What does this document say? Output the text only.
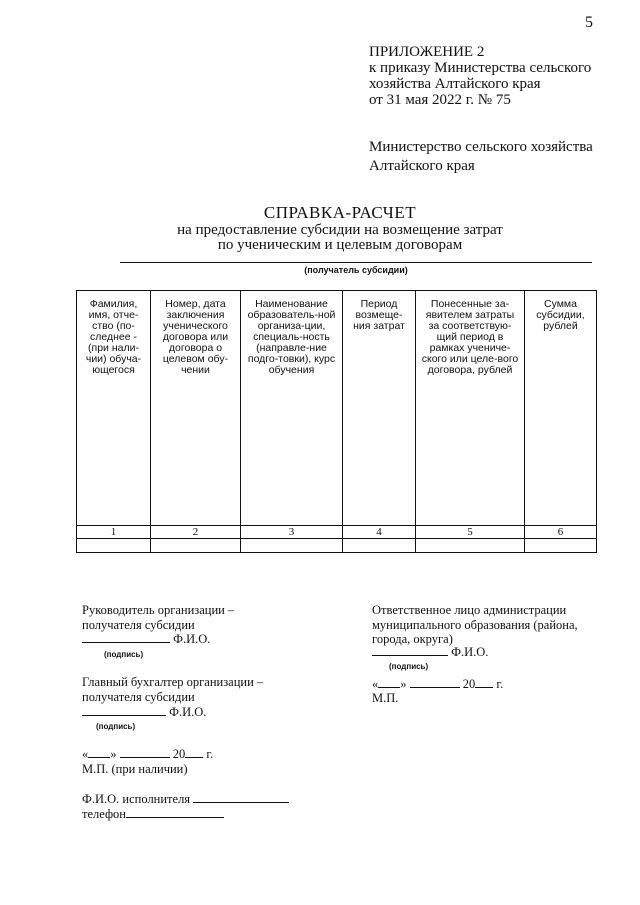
5
ПРИЛОЖЕНИЕ 2
к приказу Министерства сельского
хозяйства Алтайского края
от 31 мая 2022 г. № 75
Министерство сельского хозяйства
Алтайского края
СПРАВКА-РАСЧЕТ
на предоставление субсидии на возмещение затрат
по ученическим и целевым договорам
(получатель субсидии)
Фамилия, имя, отче-ство (по-следнее - (при нали-чии) обуча-ющегося	Номер, дата заключения ученического договора или договора о целевом обу-чении	Наименование образователь-ной организа-ции, специаль-ность (направле-ние подго-товки), курс обучения	Период возмеще-ния затрат	Понесенные за-явителем затраты за соответствую-щий период в рамках учениче-ского или целе-вого договора, рублей	Сумма субсидии, рублей

1	2	3	4	5	6

Руководитель организации –
получателя субсидии
Ф.И.О.
(подпись)
Главный бухгалтер организации –
получателя субсидии
Ф.И.О.
(подпись)
« »	20 г.
М.П. (при наличии)
Ф.И.О. исполнителя
телефон
Ответственное лицо администрации
муниципального образования (района,
города, округа)
Ф.И.О.
(подпись)
« »	20 г.
М.П.
